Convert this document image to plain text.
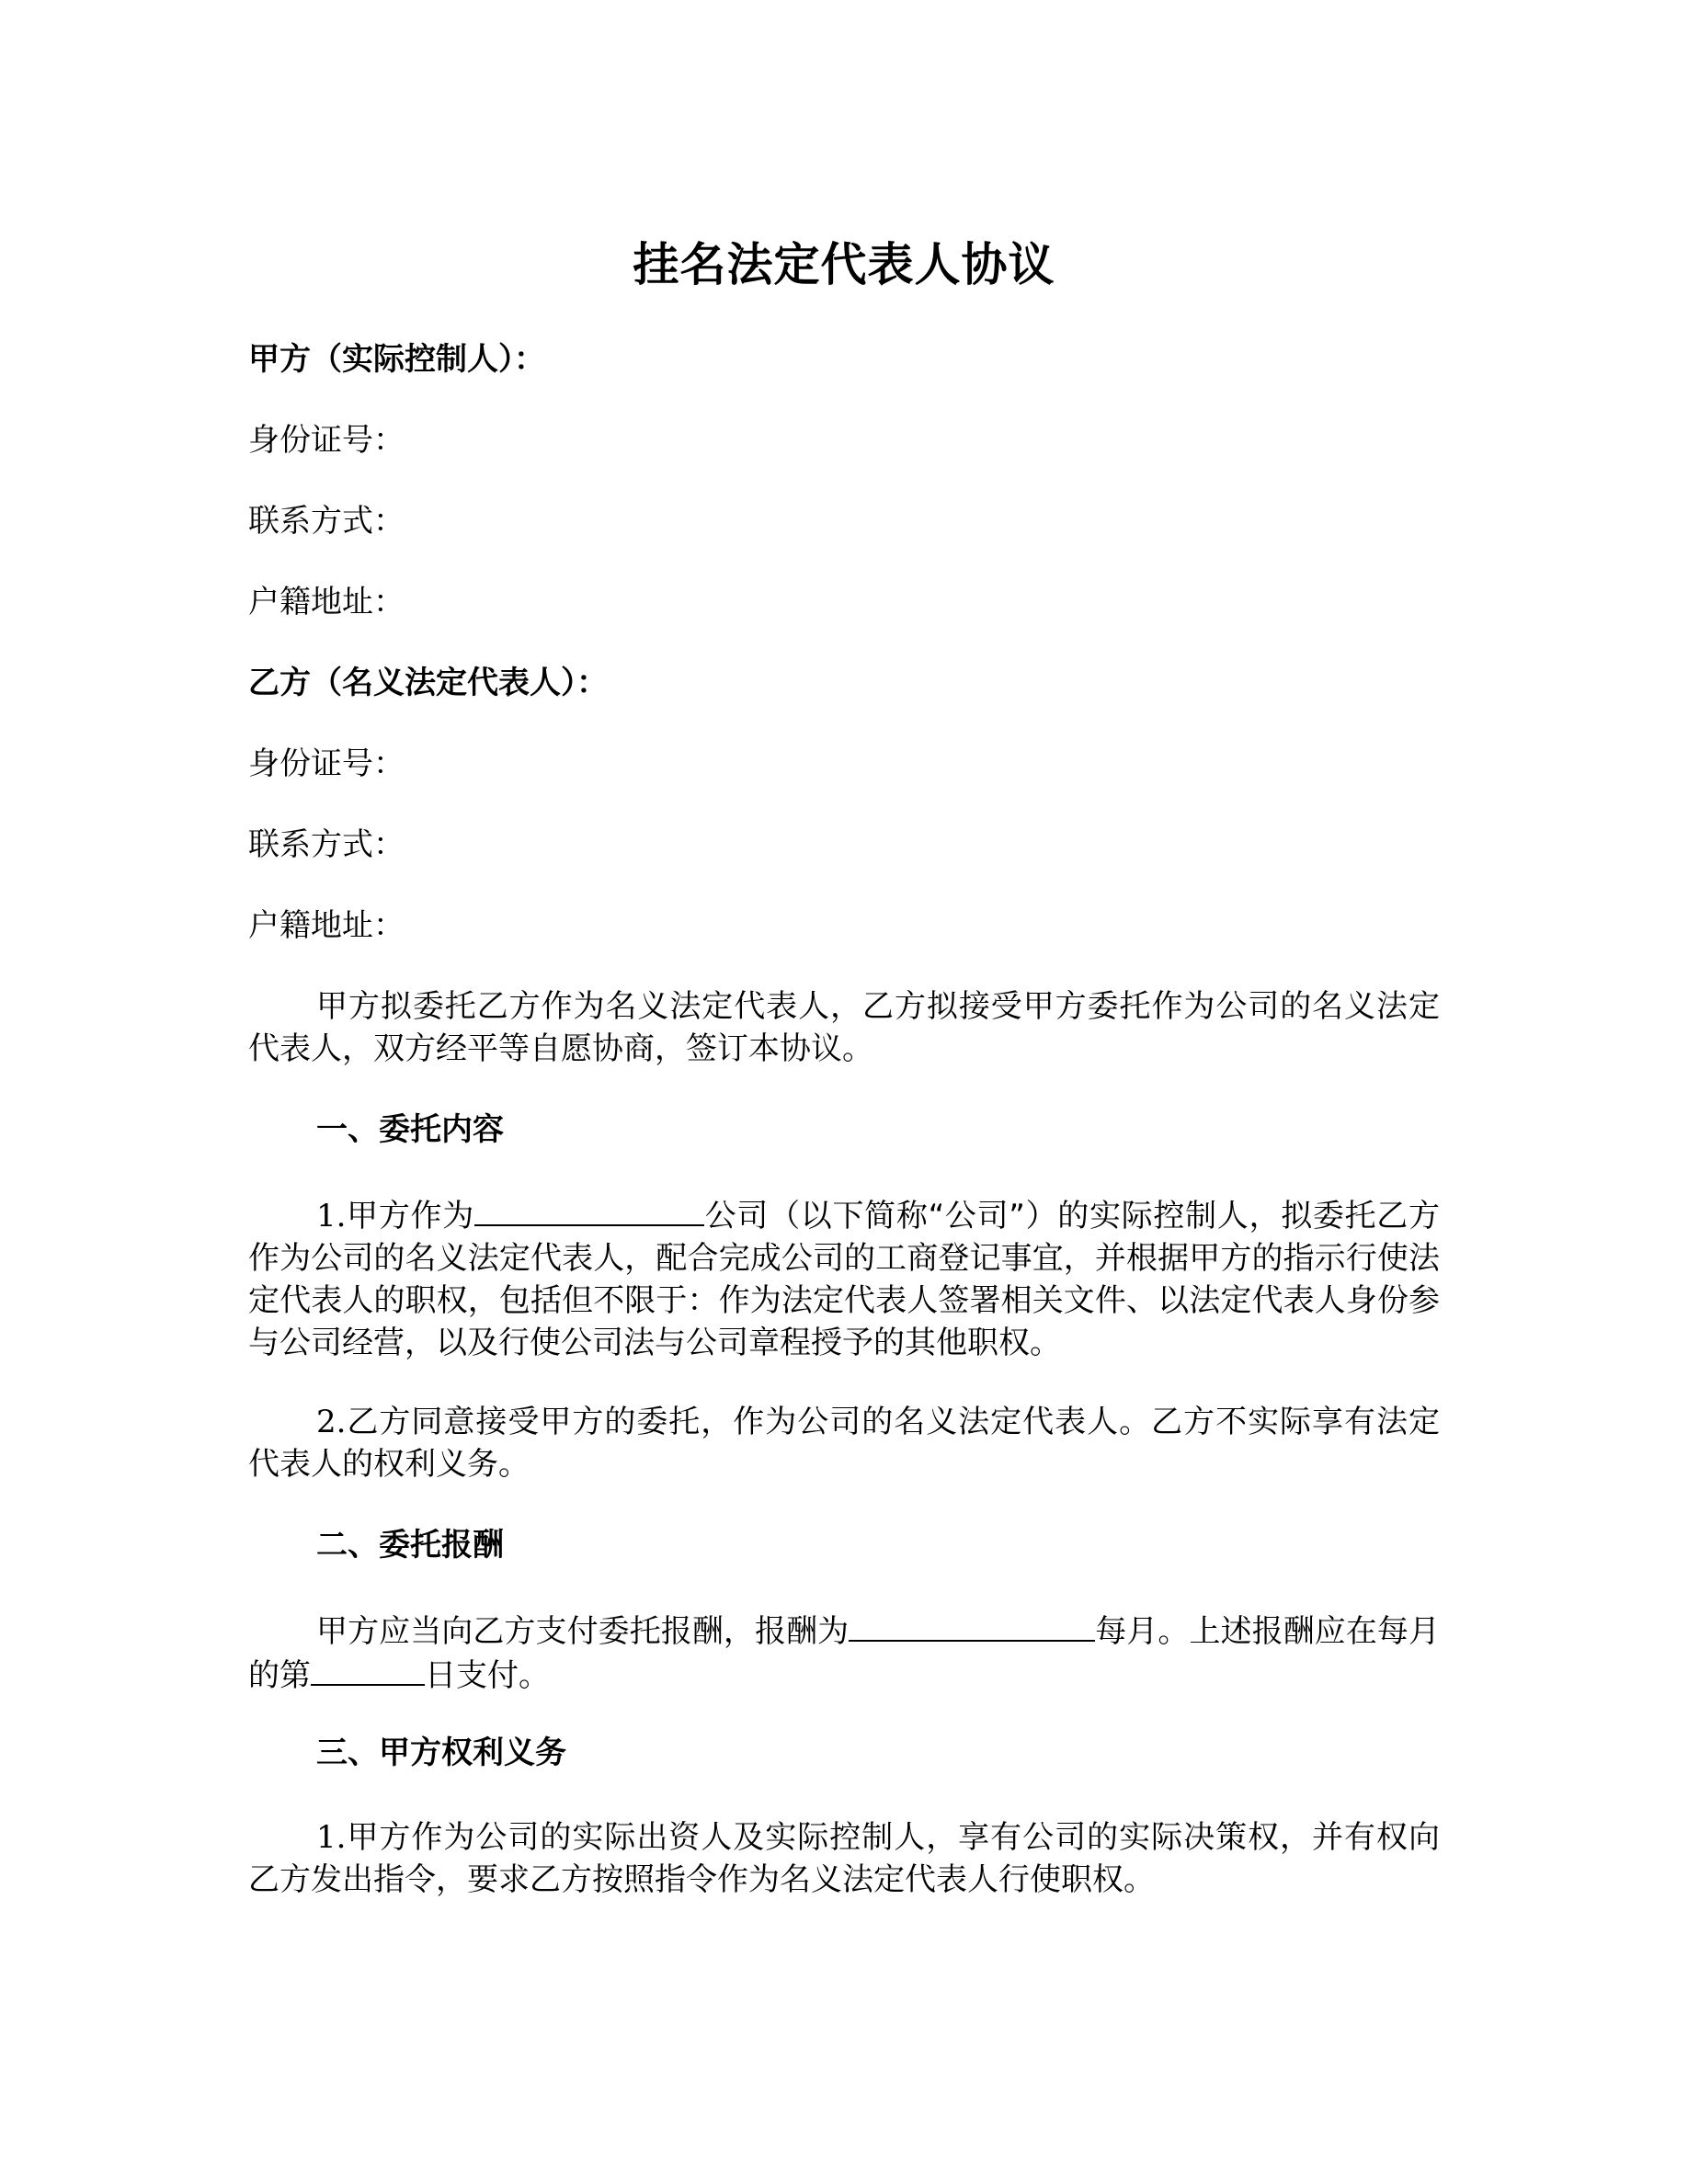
挂名法定代表人协议
甲方（实际控制人）：
身份证号：
联系方式：
户籍地址：
乙方（名义法定代表人）：
身份证号：
联系方式：
户籍地址：

甲方拟委托乙方作为名义法定代表人，乙方拟接受甲方委托作为公司的名义法定代表人，双方经平等自愿协商，签订本协议。

一、委托内容

1.甲方作为	公司（以下简称“公司”）的实际控制人，拟委托乙方作为公司的名义法定代表人，配合完成公司的工商登记事宜，并根据甲方的指示行使法定代表人的职权，包括但不限于：作为法定代表人签署相关文件、以法定代表人身份参与公司经营，以及行使公司法与公司章程授予的其他职权。

2.乙方同意接受甲方的委托，作为公司的名义法定代表人。乙方不实际享有法定代表人的权利义务。

二、委托报酬

甲方应当向乙方支付委托报酬，报酬为	每月。上述报酬应在每月的第	日支付。

三、甲方权利义务

1.甲方作为公司的实际出资人及实际控制人，享有公司的实际决策权，并有权向乙方发出指令，要求乙方按照指令作为名义法定代表人行使职权。
